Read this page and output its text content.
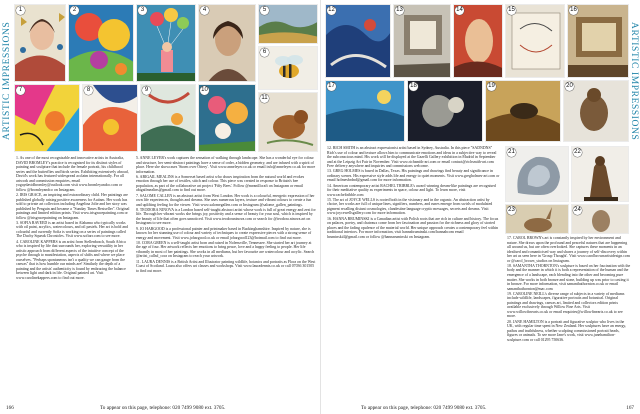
ARTISTIC IMPRESSIONS
1	2	3	4	5
6
7	8	9	10
11

1. As one of the most recognisable and innovative artists in Australia, DAVID BROMLEY's practice is recognised for its distinct styles of painting and sculpture that include the female portrait, his childhood series and the butterflies and birds series. Exhibiting extensively abroad, David's work has featured widespread acclaim internationally. For all artwork and commission enquiries, email yogaydavidbromley@outlook.com visit www.bromleyandco.com or follow @bromleyandco on Instagram.

2. IRIS GRACE, an inspiring and extraordinary child. Her paintings are published globally raising positive awareness for Autism. Her work has sold to private art collectors including Angelina Jolie and her story was published by Penguin and became a "Sunday Times Bestseller". Original paintings and limited edition prints. Visit www.irisgracepainting.com or follow @irisgracepainting on Instagram.

3. SOFIA RAVEED is an artist based in Alabama who typically works with oil paint, acrylics, watercolours, and oil pastels. Her art is bold and colourful and currently Sofia is working on a series of paintings called The Duchy Squeak Chronicles. Visit www.sofiarr.com to see more.

4. CAROLINE KAPPERS is an artist from Stellenbosch, South Africa who is inspired by life that surrounds her, exploring versatility in her artistic approach from different aspects of the intuitive concept of the psyche through to manifestation, aspects of shifts and where we place ourselves. "Perhaps spontaneous isn't a quality we can gauge from the canvas" that is how humble our minds are! Similarly the depth of a painting and the artists' authenticity is found by embracing the balance between light and dark in life. Original painted art. Visit www.carolinekappers.com to find out more.

5. ANNE LEYER's work captures the sensation of walking through landscape. She has a wonderful eye for colour and structure, her semi-abstract paintings have a sense of order, a hidden geometry, and are infused with a spirit of place. Here she showcases 'Storm over Ottery'. Visit www.anneleyer.co.uk or email info@anneleyer.co.uk for more information.

6. ABIGAIL MEALINS is a Somerset based artist who draws inspiration from the natural world and evokes emotion through her use of textiles, stitch and colour. This piece was created in response to Britain's bee population, as part of the collaborative art project 'Fifty Bees'. Follow @meanillcraft on Instagram or email abigailmealins@gmail.com to find out more.

7. SALOME CALLEN is an abstract artist from West London. Her work is a colourful, energetic expression of her own life experiences, thoughts and dreams. She uses numerous layers, texture and vibrant colours to create a fun and uplifting feeling for the viewer. Visit www.salomegallen.com or Instagram @salome_gallen_paintings.

8. TEODORA NINOVA is a London based self-taught abstract artist whose work is full of great energy and zest for life. Through her vibrant works she brings joy, positivity and a sense of beauty for your soul, which is inspired by the beauty of life that often goes unnoticed. Visit www.teodoraninova.com or search for @teodora.ninova.art on Instagram to see more.

9. JO HARGOOD is a professional painter and printmaker based in Buckinghamshire. Inspired by nature, she is known for her stunning use of colour and variety of techniques to create expressive pieces with a strong sense of energy and movement. Visit www.johargood.co.uk or email johargood123@hotmail.com to find out more.

10. CORA GREEN is a self-taught artist born and raised in Nolensville, Tennessee. She started her art journey at the age of four. Her artwork reflects her emotions to bring peace, love and a happy feeling to people. Her life vibrantly in most of her paintings. She works in all mediums, but her favourite are watercolour and acrylic. Search @artist_callsd_cora on Instagram to reach your artwork.

11. LAURA DENNIS is a British Artist and Illustrator painting wildlife, botanics and portraits as Flora on the West Coast of Scotland. Laura also offers art classes and workshops. Visit www.lauradennis.co.uk or call 07036 301505 to find out more.

166	To appear on this page, telephone: 020 7499 9080 ext. 3705.
ARTISTIC IMPRESSIONS
12	13	14	15	16
17	18	19	20
21	22
23	24

12. RICH SMITH is an abstract expressionist artist based in Sydney, Australia. In this piece "SADNDNS" Rich's use of colour and texture allows him to communicate emotions and ideas in a subjective way to reveal the subconscious mind. His work will be displayed at the Gazelli Gallery exhibition in Madrid in September and at the Leipzig Art Fair in November. Visit www.richsmith-art.com or email contact@richsmith-art.com Free delivery anywhere and inquiries and commissions welcome.

13. GREG HOLMES is based in Dallas, Texas. His paintings and drawings find beauty and significance in ordinary scenes. His expressive style adds life and energy to quiet moments. Visit www.gregholmes-art.com or email holmesbrdnd@gmail.com for more information.

14. American contemporary artist RACHEL TRIBBLE's award winning dream-like paintings are recognised for their meditative quality as experiments in space, colour and light. To learn more, visit www.racheltribble.com

15. The art of JOYCE WELLS is rooted both in the visionary and in the organic. An abstraction artist by choice, her works are full of unique lines, signifiers, numbers, and runes emerge from swirls of modulated pigment recalling distant cosmologies, clandestine language cryptic messages, secrets and dreams. Visit www.joycewellsgallery.com for more information.

16. HANNA BRUMINSKI is a Canadian artist with Polish roots that are rich in culture and history. The focus on palaces, poetry, and chateaux come from her fascination and passion for the richness and glory of storied places and the fading opulence of the material world. Her unique approach creates a contemporary feel within traditional interiors. For more information, visit hannabruminski.com/hannahcom email hruminski4@gmail.com or follow @hannaruminski on Instagram.	17. CAROL BROWN's art is constantly inspired by her environment and nature. She draws upon the profound and peaceful natures that are happening all around us, but are often overlooked. She captures these moments in an idealised and romanticised way and shares a journey of self-discovery within her art as seen here in 'Group Thought'. Visit www.carolbrownartistdesign.com or @carol_brown_studios on Instagram.

18. SAMANTHA THORNTON's sculpture is based on her fascination with the body and the manner in which it is both a representation of the human and the emergence of a landscape, each blending into the other and becoming pure matter. She works in both bronze and stone, building up was prior to casting it in bronze. For more information, visit samanthathornton.co.uk or email samanthathornton@mac.com

19. CAROLINE NEILL's diverse range of subjects in a variety of mediums include wildlife, landscapes, figurative portraits and botanical. Original paintings and drawings, canvas art, limited and collectors edition prints available exclusively through Willow Fine Arts. Visit www.willowfinearts.co.uk or email enquiries@willowfinearts.co.uk to see more.

20. JANE HAMILTON is a portrait and figurative sculptor who lives in the UK, with regular time spent in New Zealand. Her sculptures have an energy, pathos and truthfulness, whether sculpting commissioned portrait heads, figures or animals. To see more Jane's work, visit www.janehamilton-sculpture.com or call 01295 750636.

To appear on this page, telephone: 020 7499 9080 ext. 3705.	167
